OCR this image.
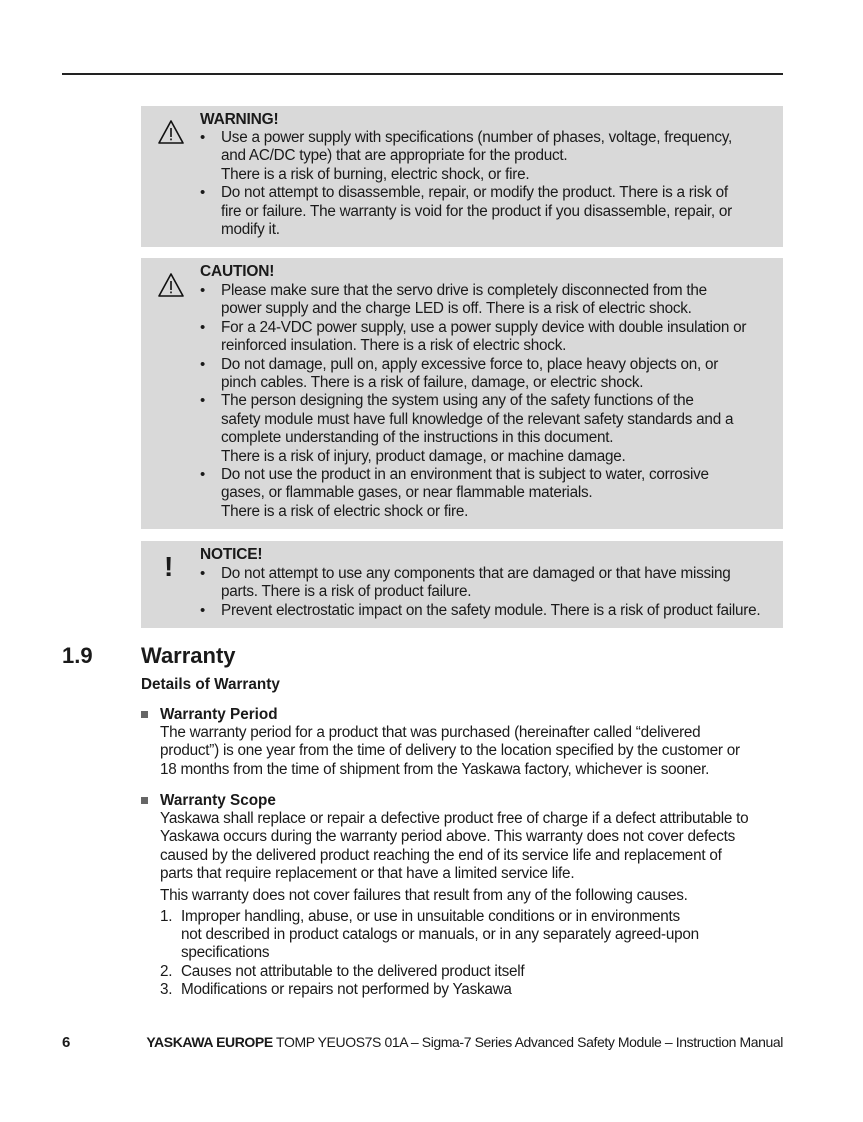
WARNING!
• Use a power supply with specifications (number of phases, voltage, frequency,
and AC/DC type) that are appropriate for the product.
There is a risk of burning, electric shock, or fire.
• Do not attempt to disassemble, repair, or modify the product. There is a risk of
fire or failure. The warranty is void for the product if you disassemble, repair, or
modify it.
CAUTION!
• Please make sure that the servo drive is completely disconnected from the
power supply and the charge LED is off. There is a risk of electric shock.
• For a 24-VDC power supply, use a power supply device with double insulation or
reinforced insulation. There is a risk of electric shock.
• Do not damage, pull on, apply excessive force to, place heavy objects on, or
pinch cables. There is a risk of failure, damage, or electric shock.
• The person designing the system using any of the safety functions of the
safety module must have full knowledge of the relevant safety standards and a
complete understanding of the instructions in this document.
There is a risk of injury, product damage, or machine damage.
• Do not use the product in an environment that is subject to water, corrosive
gases, or flammable gases, or near flammable materials.
There is a risk of electric shock or fire.
! NOTICE!
• Do not attempt to use any components that are damaged or that have missing
parts. There is a risk of product failure.
• Prevent electrostatic impact on the safety module. There is a risk of product failure.
1.9 Warranty
Details of Warranty
Warranty Period
The warranty period for a product that was purchased (hereinafter called “delivered
product”) is one year from the time of delivery to the location specified by the customer or
18 months from the time of shipment from the Yaskawa factory, whichever is sooner.
Warranty Scope
Yaskawa shall replace or repair a defective product free of charge if a defect attributable to
Yaskawa occurs during the warranty period above. This warranty does not cover defects
caused by the delivered product reaching the end of its service life and replacement of
parts that require replacement or that have a limited service life.
This warranty does not cover failures that result from any of the following causes.
1. Improper handling, abuse, or use in unsuitable conditions or in environments
not described in product catalogs or manuals, or in any separately agreed-upon
specifications
2. Causes not attributable to the delivered product itself
3. Modifications or repairs not performed by Yaskawa
6	YASKAWA EUROPE TOMP YEUOS7S 01A – Sigma-7 Series Advanced Safety Module – Instruction Manual
